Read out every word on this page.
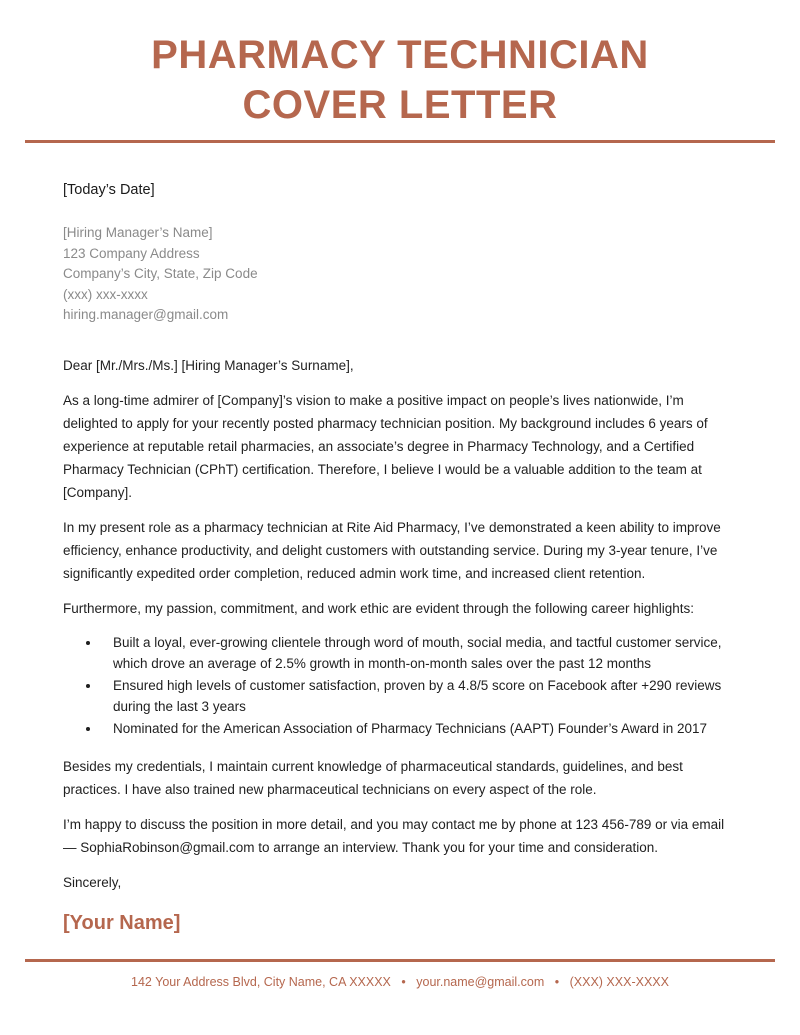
PHARMACY TECHNICIAN
COVER LETTER
[Today’s Date]
[Hiring Manager’s Name]
123 Company Address
Company’s City, State, Zip Code
(xxx) xxx-xxxx
hiring.manager@gmail.com

Dear [Mr./Mrs./Ms.] [Hiring Manager’s Surname],

As a long-time admirer of [Company]’s vision to make a positive impact on people’s lives nationwide, I’m delighted to apply for your recently posted pharmacy technician position. My background includes 6 years of experience at reputable retail pharmacies, an associate’s degree in Pharmacy Technology, and a Certified Pharmacy Technician (CPhT) certification. Therefore, I believe I would be a valuable addition to the team at [Company].

In my present role as a pharmacy technician at Rite Aid Pharmacy, I’ve demonstrated a keen ability to improve efficiency, enhance productivity, and delight customers with outstanding service. During my 3-year tenure, I’ve significantly expedited order completion, reduced admin work time, and increased client retention.

Furthermore, my passion, commitment, and work ethic are evident through the following career highlights:

• Built a loyal, ever-growing clientele through word of mouth, social media, and tactful customer service, which drove an average of 2.5% growth in month-on-month sales over the past 12 months
• Ensured high levels of customer satisfaction, proven by a 4.8/5 score on Facebook after +290 reviews during the last 3 years
• Nominated for the American Association of Pharmacy Technicians (AAPT) Founder’s Award in 2017

Besides my credentials, I maintain current knowledge of pharmaceutical standards, guidelines, and best practices. I have also trained new pharmaceutical technicians on every aspect of the role.

I’m happy to discuss the position in more detail, and you may contact me by phone at 123 456-789 or via email — SophiaRobinson@gmail.com to arrange an interview. Thank you for your time and consideration.

Sincerely,

[Your Name]
142 Your Address Blvd, City Name, CA XXXXX • your.name@gmail.com • (XXX) XXX-XXXX
